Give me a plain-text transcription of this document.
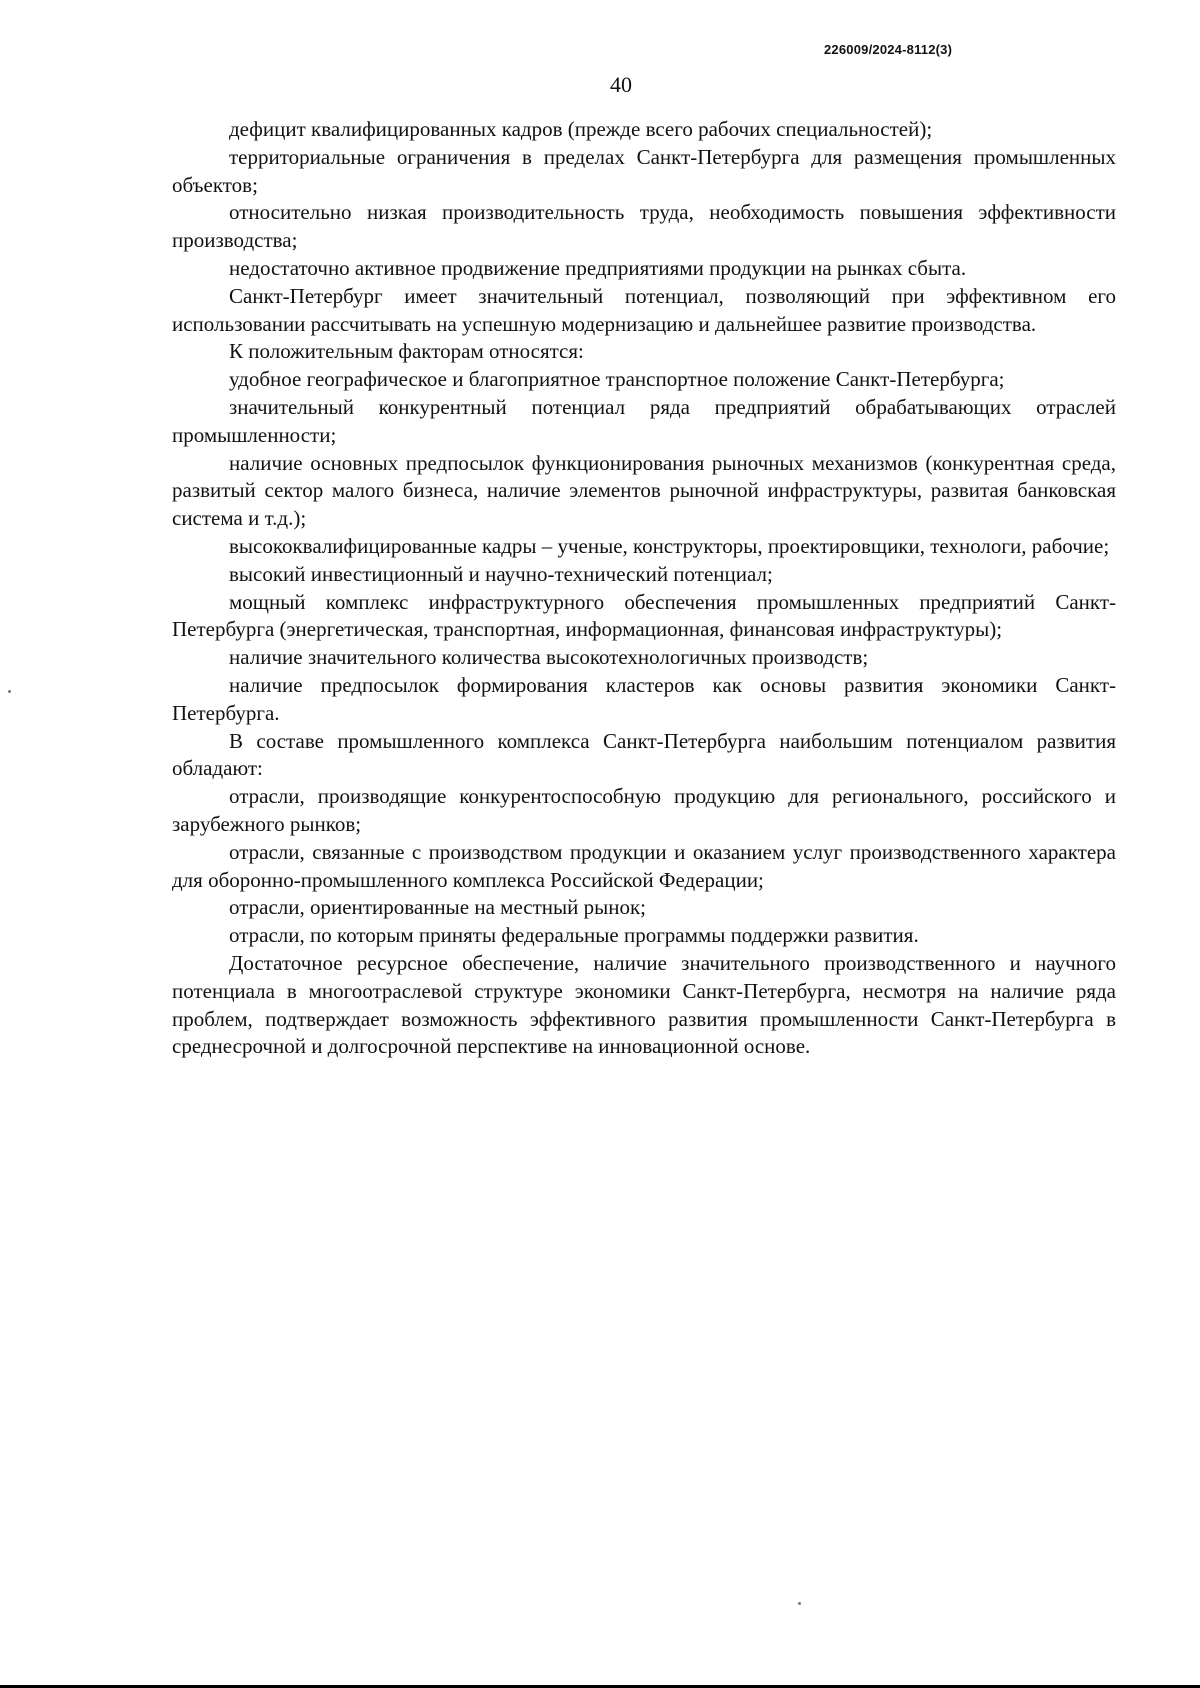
226009/2024-8112(3)
40

дефицит квалифицированных кадров (прежде всего рабочих специальностей);

территориальные ограничения в пределах Санкт-Петербурга для размещения промышленных объектов;

относительно низкая производительность труда, необходимость повышения эффективности производства;

недостаточно активное продвижение предприятиями продукции на рынках сбыта.

Санкт-Петербург имеет значительный потенциал, позволяющий при эффективном его использовании рассчитывать на успешную модернизацию и дальнейшее развитие производства.

К положительным факторам относятся:

удобное географическое и благоприятное транспортное положение Санкт-Петербурга;

значительный конкурентный потенциал ряда предприятий обрабатывающих отраслей промышленности;

наличие основных предпосылок функционирования рыночных механизмов (конкурентная среда, развитый сектор малого бизнеса, наличие элементов рыночной инфраструктуры, развитая банковская система и т.д.);

высококвалифицированные кадры – ученые, конструкторы, проектировщики, технологи, рабочие;

высокий инвестиционный и научно-технический потенциал;

мощный комплекс инфраструктурного обеспечения промышленных предприятий Санкт-Петербурга (энергетическая, транспортная, информационная, финансовая инфраструктуры);

наличие значительного количества высокотехнологичных производств;

наличие предпосылок формирования кластеров как основы развития экономики Санкт-Петербурга.

В составе промышленного комплекса Санкт-Петербурга наибольшим потенциалом развития обладают:

отрасли, производящие конкурентоспособную продукцию для регионального, российского и зарубежного рынков;

отрасли, связанные с производством продукции и оказанием услуг производственного характера для оборонно-промышленного комплекса Российской Федерации;

отрасли, ориентированные на местный рынок;

отрасли, по которым приняты федеральные программы поддержки развития.

Достаточное ресурсное обеспечение, наличие значительного производственного и научного потенциала в многоотраслевой структуре экономики Санкт-Петербурга, несмотря на наличие ряда проблем, подтверждает возможность эффективного развития промышленности Санкт-Петербурга в среднесрочной и долгосрочной перспективе на инновационной основе.
